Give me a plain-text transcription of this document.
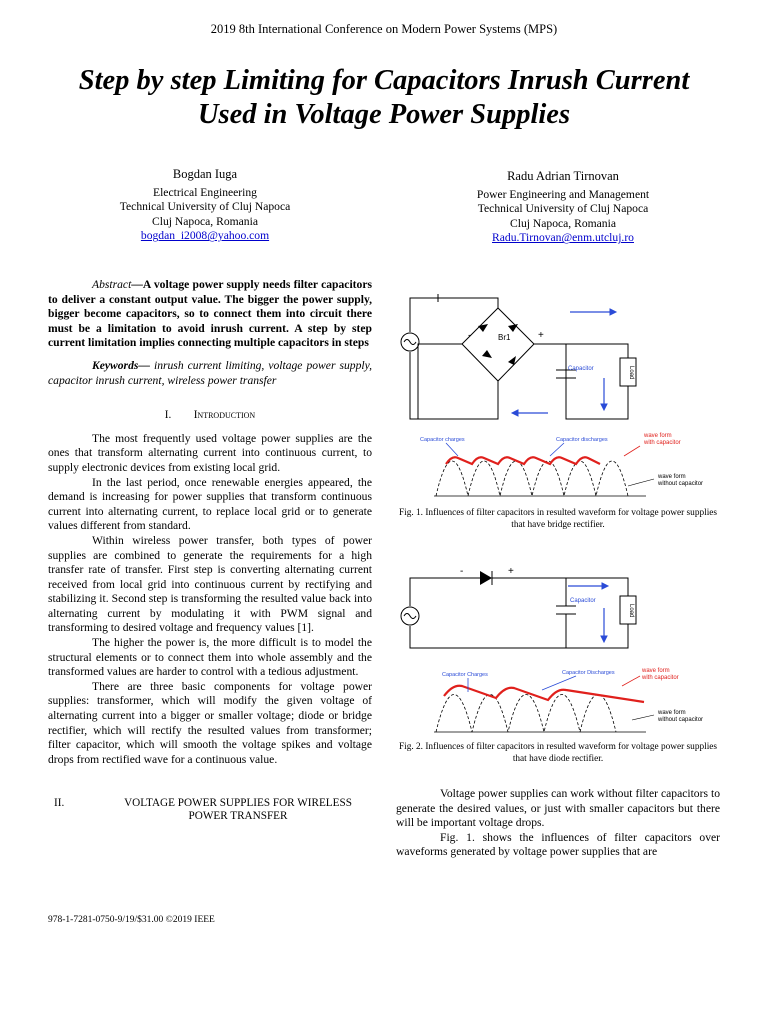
2019 8th International Conference on Modern Power Systems (MPS)
Step by step Limiting for Capacitors Inrush Current
Used in Voltage Power Supplies
Bogdan Iuga
Electrical Engineering
Technical University of Cluj Napoca
Cluj Napoca, Romania
bogdan_i2008@yahoo.com
Radu Adrian Tirnovan
Power Engineering and Management
Technical University of Cluj Napoca
Cluj Napoca, Romania
Radu.Tirnovan@enm.utcluj.ro
Abstract—A voltage power supply needs filter capacitors to deliver a constant output value. The bigger the power supply, bigger become capacitors, so to connect them into circuit there must be a limitation to avoid inrush current. A step by step current limitation implies connecting multiple capacitors in steps
Keywords— inrush current limiting, voltage power supply, capacitor inrush current, wireless power transfer
I. Introduction
The most frequently used voltage power supplies are the ones that transform alternating current into continuous current, to supply electronic devices from existing local grid.
In the last period, once renewable energies appeared, the demand is increasing for power supplies that transform continuous current into alternating current, to replace local grid or to generate values different from standard.
Within wireless power transfer, both types of power supplies are combined to generate the requirements for a high transfer rate of transfer. First step is converting alternating current received from local grid into continuous current by rectifying and stabilizing it. Second step is transforming the resulted value back into alternating current by modulating it with PWM signal and transforming to desired voltage and frequency values [1].
The higher the power is, the more difficult is to model the structural elements or to connect them into whole assembly and the transformed values are harder to control with a tedious adjustment.
There are three basic components for voltage power supplies: transformer, which will modify the given voltage of alternating current into a bigger or smaller voltage; diode or bridge rectifier, which will rectify the resulted values from transformer; filter capacitor, which will smooth the voltage spikes and voltage drops from rectified wave for a continuous value.
II.	VOLTAGE POWER SUPPLIES FOR WIRELESS POWER TRANSFER
-	+
Br1
Capacitor	Load
Capacitor charges	Capacitor discharges
wave form
with capacitor
wave form
without capacitor
Fig. 1. Influences of filter capacitors in resulted waveform for voltage power supplies that have bridge rectifier.
-	+
Capacitor
Load
Capacitor Charges	Capacitor Discharges	wave form
with capacitor
wave form
without capacitor
Fig. 2. Influences of filter capacitors in resulted waveform for voltage power supplies that have diode rectifier.
Voltage power supplies can work without filter capacitors to generate the desired values, or just with smaller capacitors but there will be important voltage drops.
Fig. 1. shows the influences of filter capacitors over waveforms generated by voltage power supplies that are
978-1-7281-0750-9/19/$31.00 ©2019 IEEE
